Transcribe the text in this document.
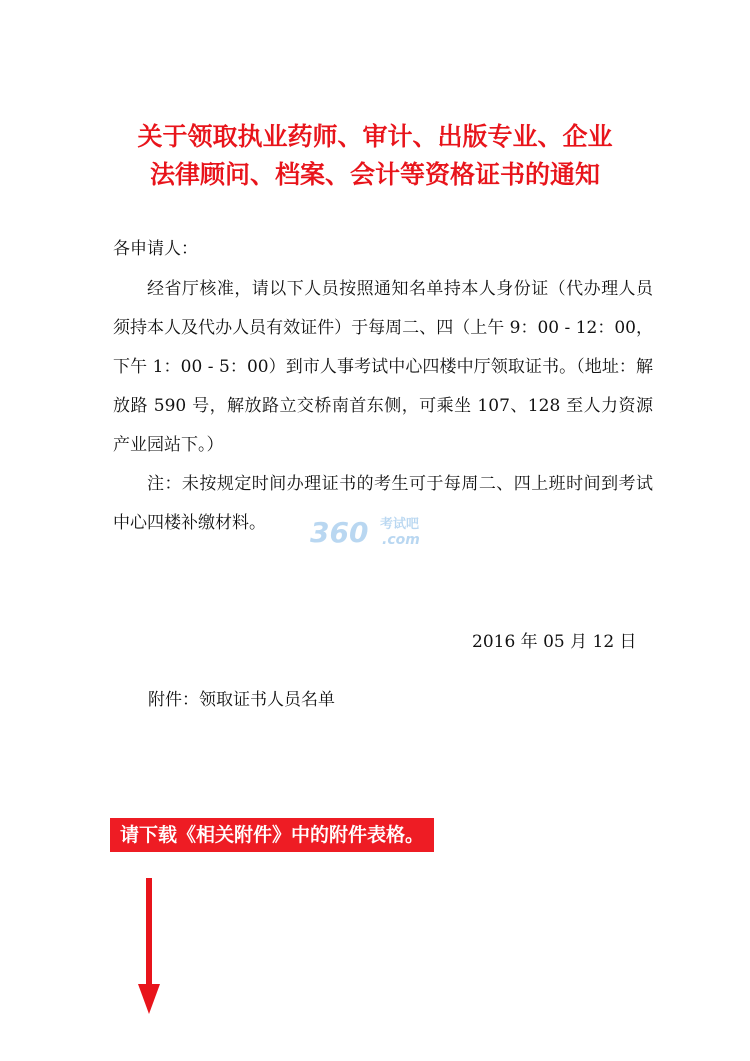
关于领取执业药师、审计、出版专业、企业
法律顾问、档案、会计等资格证书的通知
各申请人：

经省厅核准，请以下人员按照通知名单持本人身份证（代办理人员须持本人及代办人员有效证件）于每周二、四（上午 9：00 - 12：00，下午 1：00 - 5：00）到市人事考试中心四楼中厅领取证书。（地址：解放路 590 号，解放路立交桥南首东侧，可乘坐 107、128 至人力资源产业园站下。）

注：未按规定时间办理证书的考生可于每周二、四上班时间到考试中心四楼补缴材料。	360 考试吧
.com
2016 年 05 月 12 日
附件：领取证书人员名单
请下载《相关附件》中的附件表格。
